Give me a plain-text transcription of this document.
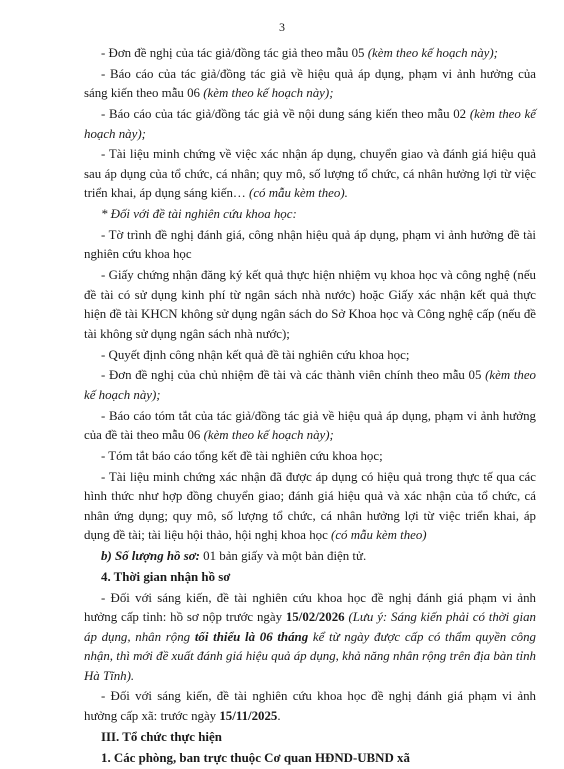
3

- Đơn đề nghị của tác giả/đồng tác giả theo mẫu 05 (kèm theo kế hoạch này);

- Báo cáo của tác giả/đồng tác giả về hiệu quả áp dụng, phạm vi ảnh hưởng của sáng kiến theo mẫu 06 (kèm theo kế hoạch này);

- Báo cáo của tác giả/đồng tác giả về nội dung sáng kiến theo mẫu 02 (kèm theo kế hoạch này);

- Tài liệu minh chứng về việc xác nhận áp dụng, chuyển giao và đánh giá hiệu quả sau áp dụng của tổ chức, cá nhân; quy mô, số lượng tổ chức, cá nhân hưởng lợi từ việc triển khai, áp dụng sáng kiến… (có mẫu kèm theo).

* Đối với đề tài nghiên cứu khoa học:

- Tờ trình đề nghị đánh giá, công nhận hiệu quả áp dụng, phạm vi ảnh hưởng đề tài nghiên cứu khoa học

- Giấy chứng nhận đăng ký kết quả thực hiện nhiệm vụ khoa học và công nghệ (nếu đề tài có sử dụng kinh phí từ ngân sách nhà nước) hoặc Giấy xác nhận kết quả thực hiện đề tài KHCN không sử dụng ngân sách do Sở Khoa học và Công nghệ cấp (nếu đề tài không sử dụng ngân sách nhà nước);

- Quyết định công nhận kết quả đề tài nghiên cứu khoa học;

- Đơn đề nghị của chủ nhiệm đề tài và các thành viên chính theo mẫu 05 (kèm theo kế hoạch này);

- Báo cáo tóm tắt của tác giả/đồng tác giả về hiệu quả áp dụng, phạm vi ảnh hưởng của đề tài theo mẫu 06 (kèm theo kế hoạch này);

- Tóm tắt báo cáo tổng kết đề tài nghiên cứu khoa học;

- Tài liệu minh chứng xác nhận đã được áp dụng có hiệu quả trong thực tế qua các hình thức như hợp đồng chuyển giao; đánh giá hiệu quả và xác nhận của tổ chức, cá nhân ứng dụng; quy mô, số lượng tổ chức, cá nhân hưởng lợi từ việc triển khai, áp dụng đề tài; tài liệu hội thảo, hội nghị khoa học (có mẫu kèm theo)

b) Số lượng hồ sơ: 01 bản giấy và một bản điện tử.

4. Thời gian nhận hồ sơ

- Đối với sáng kiến, đề tài nghiên cứu khoa học đề nghị đánh giá phạm vi ảnh hưởng cấp tỉnh: hồ sơ nộp trước ngày 15/02/2026 (Lưu ý: Sáng kiến phải có thời gian áp dụng, nhân rộng tối thiểu là 06 tháng kể từ ngày được cấp có thẩm quyền công nhận, thì mới đề xuất đánh giá hiệu quả áp dụng, khả năng nhân rộng trên địa bàn tỉnh Hà Tĩnh).

- Đối với sáng kiến, đề tài nghiên cứu khoa học đề nghị đánh giá phạm vi ảnh hưởng cấp xã: trước ngày 15/11/2025.

III. Tổ chức thực hiện

1. Các phòng, ban trực thuộc Cơ quan HĐND-UBND xã
